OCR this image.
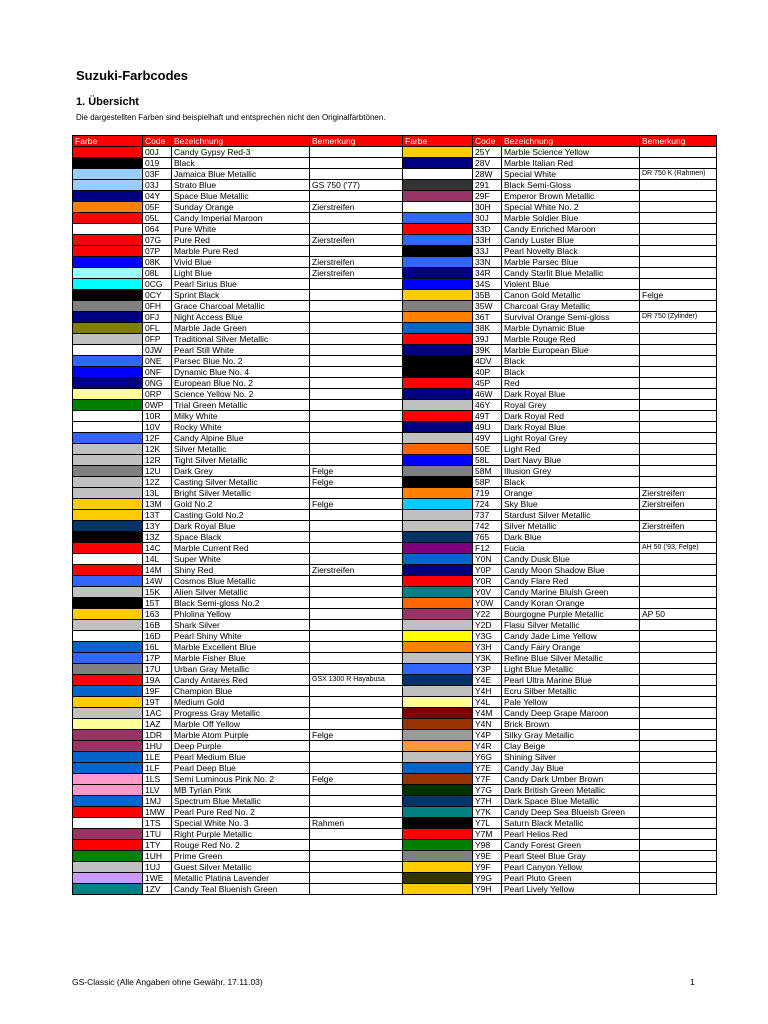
Suzuki-Farbcodes
1. Übersicht
Die dargestellten Farben sind beispielhaft und entsprechen nicht den Originalfarbtönen.
Farbe	Code	Bezeichnung	Bemerkung	Farbe	Code	Bezeichnung	Bemerkung
	00J	Candy Gypsy Red-3			25Y	Marble Science Yellow	
	019	Black			28V	Marble Italian Red	
	03F	Jamaica Blue Metallic			28W	Special White	DR 750 K (Rahmen)
	03J	Strato Blue	GS 750 ('77)		291	Black Semi-Gloss	
	04Y	Space Blue Metallic			29F	Emperor Brown Metallic	
	05F	Sunday Orange	Zierstreifen		30H	Special White No. 2	
	05L	Candy Imperial Maroon			30J	Marble Soldier Blue	
	064	Pure White			33D	Candy Enriched Maroon	
	07G	Pure Red	Zierstreifen		33H	Candy Luster Blue	
	07P	Marble Pure Red			33J	Pearl Novelty Black	
	08K	Vivid Blue	Zierstreifen		33N	Marble Parsec Blue	
	08L	Light Blue	Zierstreifen		34R	Candy Starlit Blue Metallic	
	0CG	Pearl Sirius Blue			34S	Violent Blue	
	0CY	Sprint Black			35B	Canon Gold Metallic	Felge
	0FH	Grace Charcoal Metallic			35W	Charcoal Gray Metallic	
	0FJ	Night Access Blue			36T	Survival Orange Semi-gloss	DR 750 (Zylinder)
	0FL	Marble Jade Green			38K	Marble Dynamic Blue	
	0FP	Traditional Silver Metallic			39J	Marble Rouge Red	
	0JW	Pearl Still White			39K	Marble European Blue	
	0NE	Parsec Blue No. 2			4DV	Black	
	0NF	Dynamic Blue No. 4			40P	Black	
	0NG	European Blue No. 2			45P	Red	
	0RP	Science Yellow No. 2			46W	Dark Royal Blue	
	0WP	Trial Green Metallic			46Y	Royal Grey	
	10R	Milky White			49T	Dark Royal Red	
	10V	Rocky White			49U	Dark Royal Blue	
	12F	Candy Alpine Blue			49V	Light Royal Grey	
	12K	Silver Metallic			50E	Light Red	
	12R	Tight Silver Metallic			58L	Dart Navy Blue	
	12U	Dark Grey	Felge		58M	Illusion Grey	
	12Z	Casting Silver Metallic	Felge		58P	Black	
	13L	Bright Silver Metallic			719	Orange	Zierstreifen
	13M	Gold No.2	Felge		724	Sky Blue	Zierstreifen
	13T	Casting Gold No.2			737	Stardust Silver Metallic	
	13Y	Dark Royal Blue			742	Silver Metallic	Zierstreifen
	13Z	Space Black			765	Dark Blue	
	14C	Marble Current Red			F12	Fucia	AH 50 ('93, Felge)
	14L	Super White			Y0N	Candy Dusk Blue	
	14M	Shiny Red	Zierstreifen		Y0P	Candy Moon Shadow Blue	
	14W	Cosmos Blue Metallic			Y0R	Candy Flare Red	
	15K	Alien Silver Metallic			Y0V	Candy Marine Bluish Green	
	15T	Black Semi-gloss No.2			Y0W	Candy Koran Orange	
	163	Phlolina Yellow			Y22	Bourgogne Purple Metallic	AP 50
	16B	Shark Silver			Y2D	Flasu Silver Metallic	
	16D	Pearl Shiny White			Y3G	Candy Jade Lime Yellow	
	16L	Marble Excellent Blue			Y3H	Candy Fairy Orange	
	17P	Marble Fisher Blue			Y3K	Refine Blue Silver Metallic	
	17U	Urban Gray Metallic			Y3P	Light Blue Metallic	
	19A	Candy Antares Red	GSX 1300 R Hayabusa		Y4E	Pearl Ultra Marine Blue	
	19F	Champion Blue			Y4H	Ecru Silber Metallic	
	19T	Medium Gold			Y4L	Pale Yellow	
	1AC	Progress Gray Metallic			Y4M	Candy Deep Grape Maroon	
	1AZ	Marble Off Yellow			Y4N	Brick Brown	
	1DR	Marble Atom Purple	Felge		Y4P	Silky Gray Metallic	
	1HU	Deep Purple			Y4R	Clay Beige	
	1LE	Pearl Medium Blue			Y6G	Shining Silver	
	1LF	Pearl Deep Blue			Y7E	Candy Jay Blue	
	1LS	Semi Luminous Pink No. 2	Felge		Y7F	Candy Dark Umber Brown	
	1LV	MB Tyrian Pink			Y7G	Dark British Green Metallic	
	1MJ	Spectrum Blue Metallic			Y7H	Dark Space Blue Metallic	
	1MW	Pearl Pure Red No. 2			Y7K	Candy Deep Sea Blueish Green	
	1TS	Special White No. 3	Rahmen		Y7L	Saturn Black Metallic	
	1TU	Right Purple Metallic			Y7M	Pearl Helios Red	
	1TY	Rouge Red No. 2			Y98	Candy Forest Green	
	1UH	Prime Green			Y9E	Pearl Steel Blue Gray	
	1UJ	Guest Silver Metallic			Y9F	Pearl Canyon Yellow	
	1WE	Metallic Platina Lavender			Y9G	Pearl Pluto Green	
	1ZV	Candy Teal Bluenish Green			Y9H	Pearl Lively Yellow	
GS-Classic (Alle Angaben ohne Gewähr, 17.11.03)	1
